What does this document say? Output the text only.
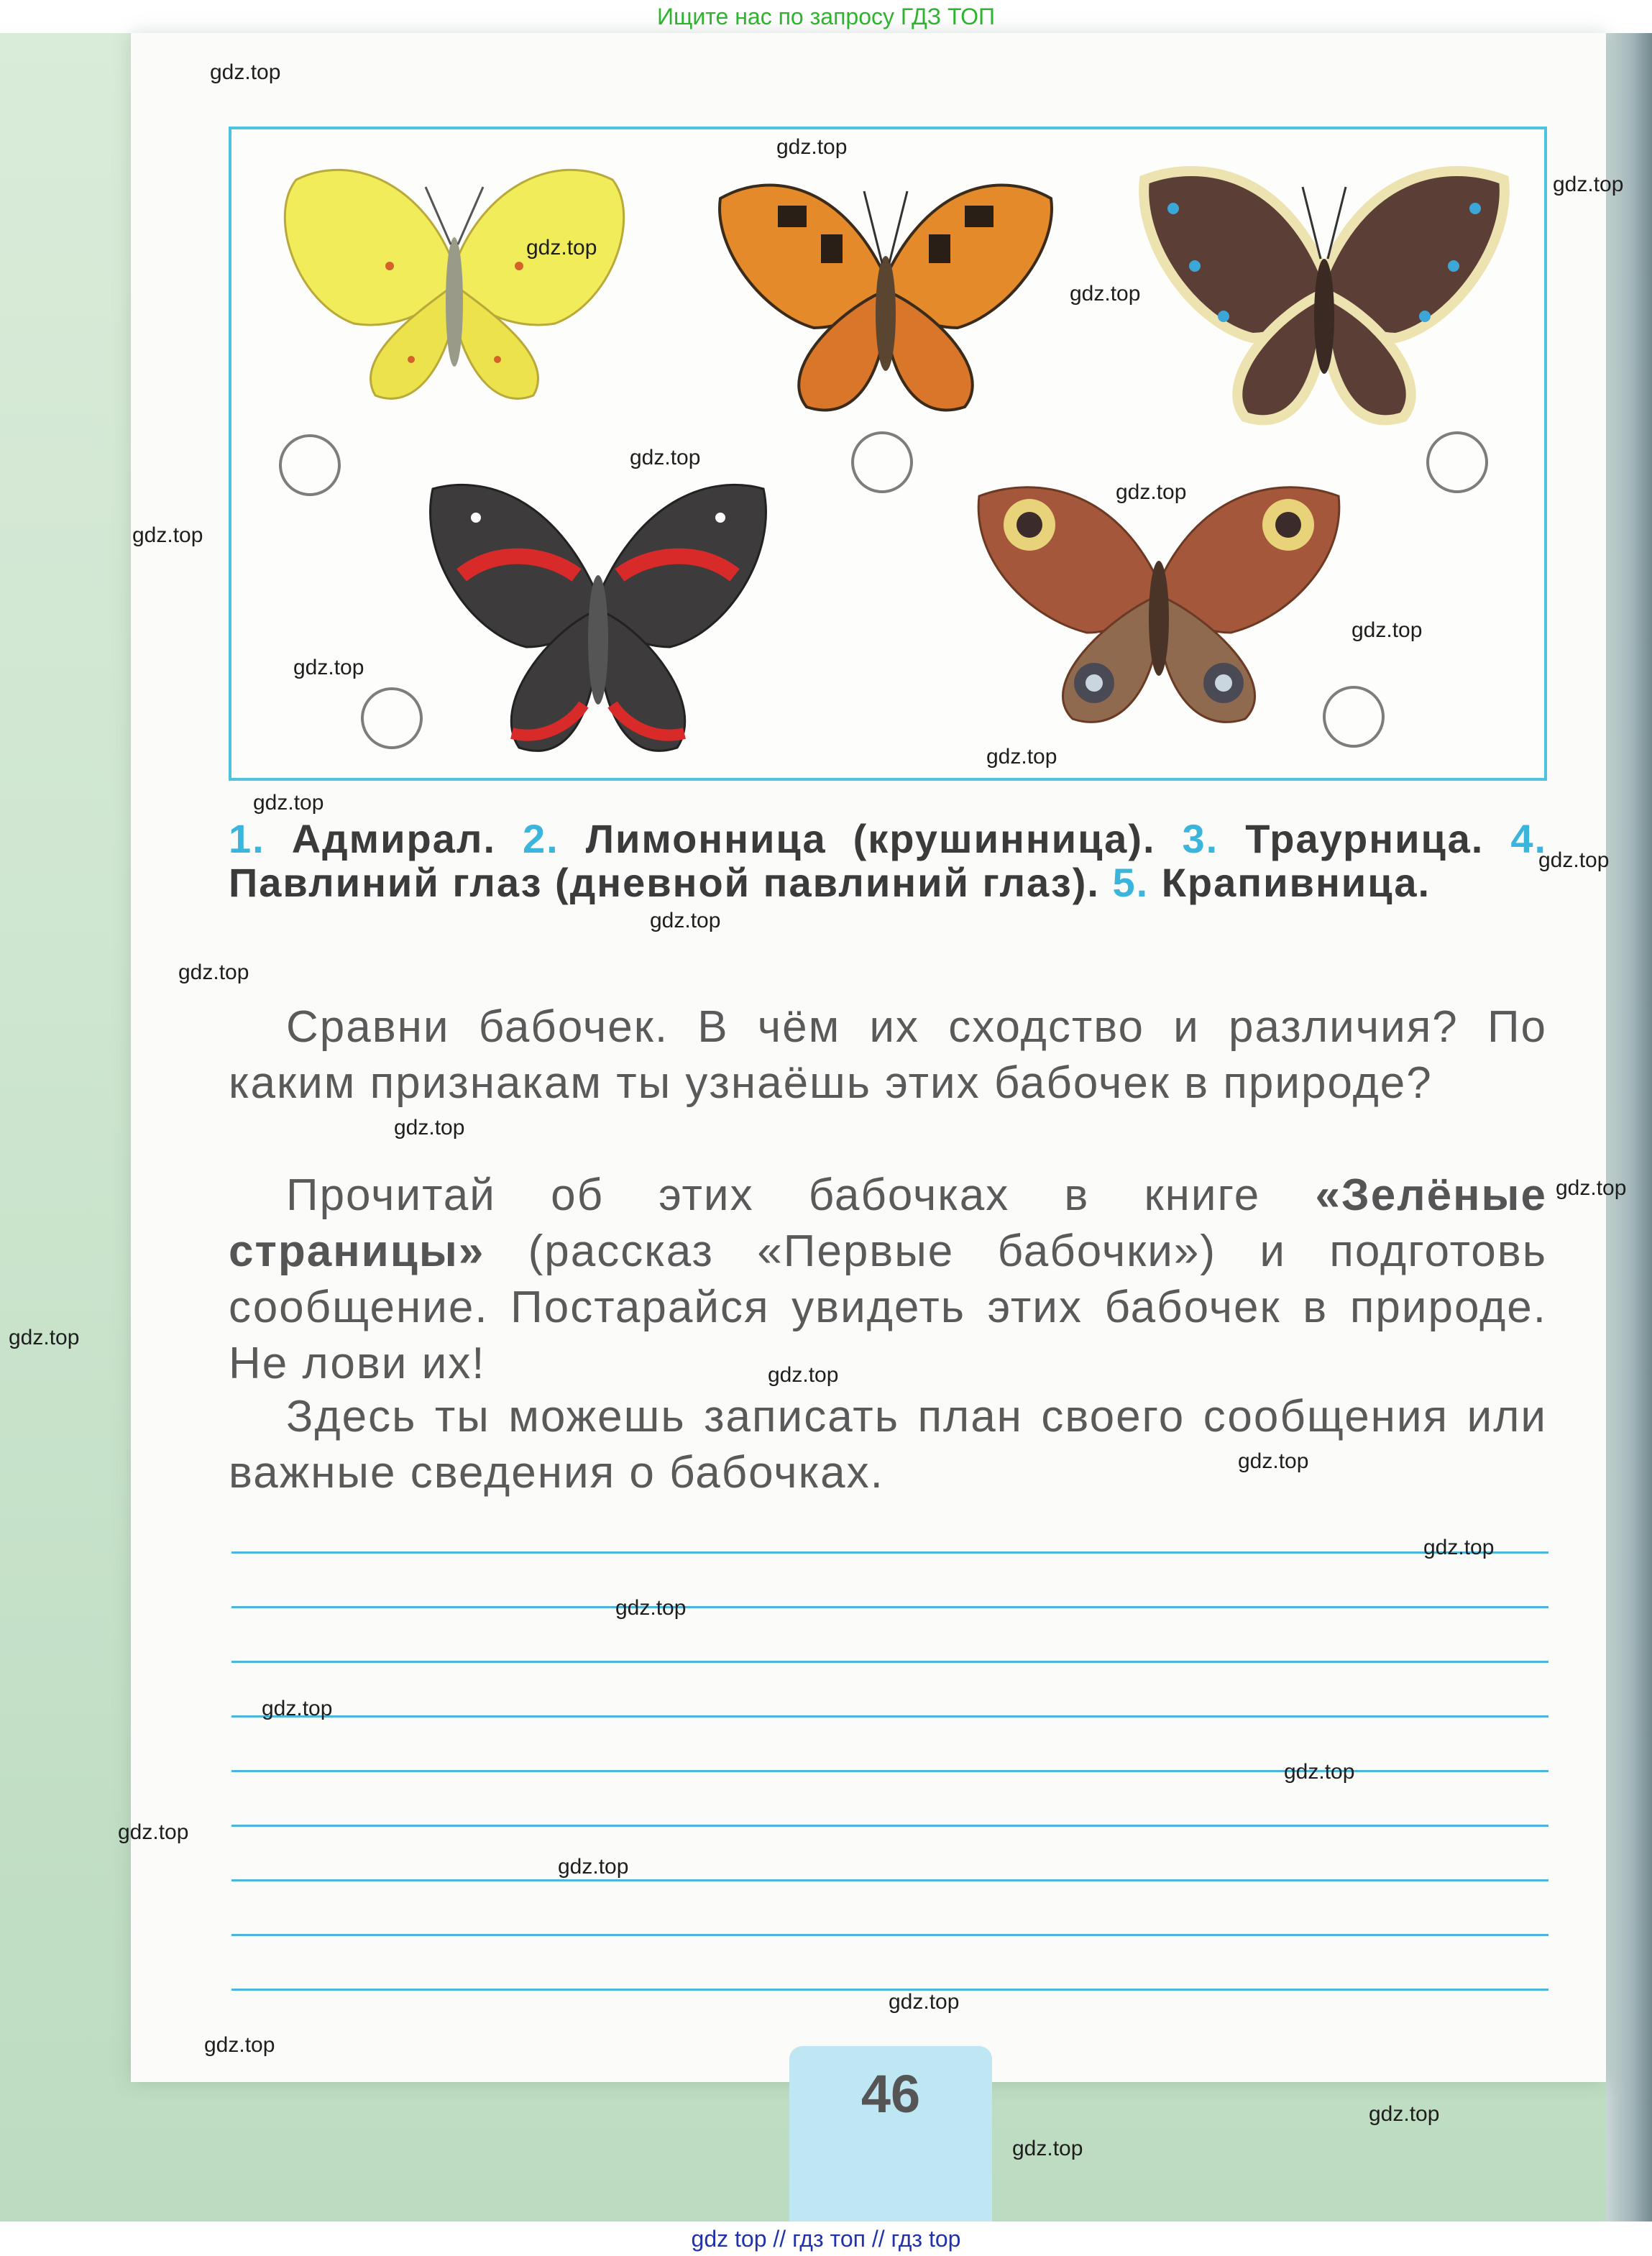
Ищите нас по запросу ГДЗ ТОП
1. Адмирал. 2. Лимонница (крушинница). 3. Траурница. 4. Павлиний глаз (дневной павлиний глаз). 5. Крапивница.
Сравни бабочек. В чём их сходство и различия? По каким признакам ты узнаёшь этих бабочек в природе?
Прочитай об этих бабочках в книге «Зелёные страницы» (рассказ «Первые бабочки») и подготовь сообщение. Постарайся увидеть этих бабочек в природе. Не лови их!
Здесь ты можешь записать план своего сообщения или важные сведения о бабочках.
46
gdz.top
gdz.top
gdz.top
gdz.top
gdz.top
gdz.top
gdz.top
gdz.top
gdz.top
gdz.top
gdz.top
gdz.top
gdz.top
gdz.top
gdz.top
gdz.top
gdz.top
gdz.top
gdz.top
gdz.top
gdz.top
gdz.top
gdz.top
gdz.top
gdz.top
gdz.top
gdz.top
gdz.top
gdz.top
gdz.top
gdz top // гдз топ // гдз top
